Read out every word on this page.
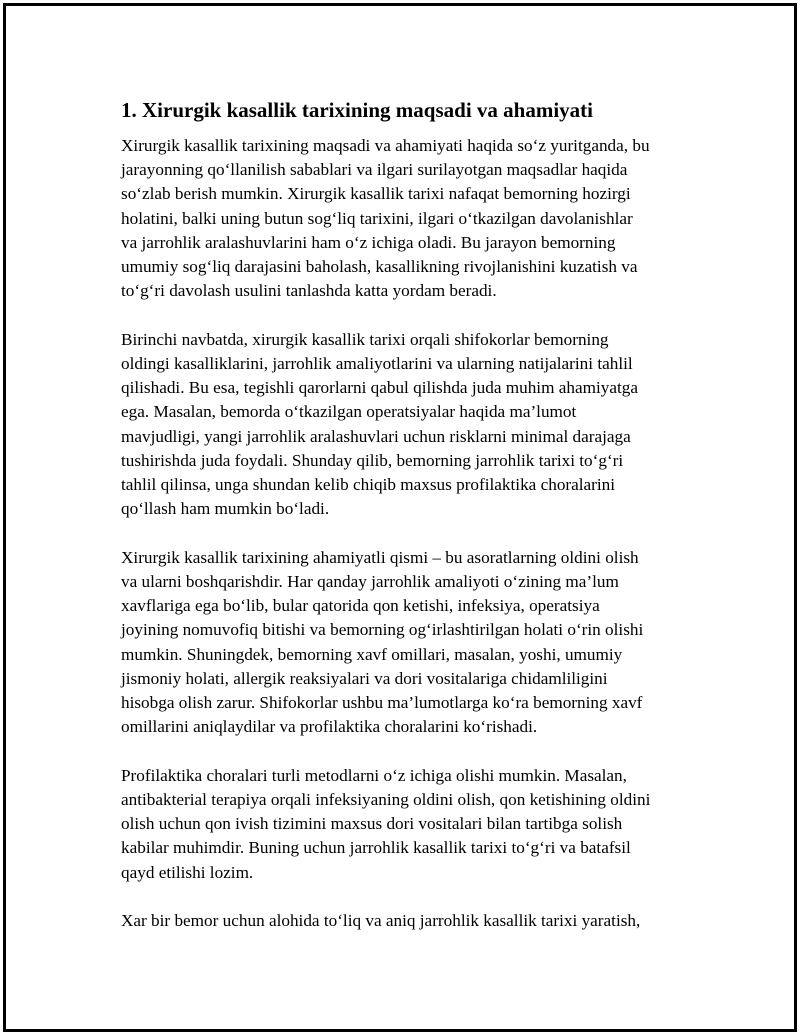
1. Xirurgik kasallik tarixining maqsadi va ahamiyati

Xirurgik kasallik tarixining maqsadi va ahamiyati haqida so‘z yuritganda, bu
jarayonning qo‘llanilish sabablari va ilgari surilayotgan maqsadlar haqida
so‘zlab berish mumkin. Xirurgik kasallik tarixi nafaqat bemorning hozirgi
holatini, balki uning butun sog‘liq tarixini, ilgari o‘tkazilgan davolanishlar
va jarrohlik aralashuvlarini ham o‘z ichiga oladi. Bu jarayon bemorning
umumiy sog‘liq darajasini baholash, kasallikning rivojlanishini kuzatish va
to‘g‘ri davolash usulini tanlashda katta yordam beradi.

Birinchi navbatda, xirurgik kasallik tarixi orqali shifokorlar bemorning
oldingi kasalliklarini, jarrohlik amaliyotlarini va ularning natijalarini tahlil
qilishadi. Bu esa, tegishli qarorlarni qabul qilishda juda muhim ahamiyatga
ega. Masalan, bemorda o‘tkazilgan operatsiyalar haqida ma’lumot
mavjudligi, yangi jarrohlik aralashuvlari uchun risklarni minimal darajaga
tushirishda juda foydali. Shunday qilib, bemorning jarrohlik tarixi to‘g‘ri
tahlil qilinsa, unga shundan kelib chiqib maxsus profilaktika choralarini
qo‘llash ham mumkin bo‘ladi.

Xirurgik kasallik tarixining ahamiyatli qismi – bu asoratlarning oldini olish
va ularni boshqarishdir. Har qanday jarrohlik amaliyoti o‘zining ma’lum
xavflariga ega bo‘lib, bular qatorida qon ketishi, infeksiya, operatsiya
joyining nomuvofiq bitishi va bemorning og‘irlashtirilgan holati o‘rin olishi
mumkin. Shuningdek, bemorning xavf omillari, masalan, yoshi, umumiy
jismoniy holati, allergik reaksiyalari va dori vositalariga chidamliligini
hisobga olish zarur. Shifokorlar ushbu ma’lumotlarga ko‘ra bemorning xavf
omillarini aniqlaydilar va profilaktika choralarini ko‘rishadi.

Profilaktika choralari turli metodlarni o‘z ichiga olishi mumkin. Masalan,
antibakterial terapiya orqali infeksiyaning oldini olish, qon ketishining oldini
olish uchun qon ivish tizimini maxsus dori vositalari bilan tartibga solish
kabilar muhimdir. Buning uchun jarrohlik kasallik tarixi to‘g‘ri va batafsil
qayd etilishi lozim.

Xar bir bemor uchun alohida to‘liq va aniq jarrohlik kasallik tarixi yaratish,
